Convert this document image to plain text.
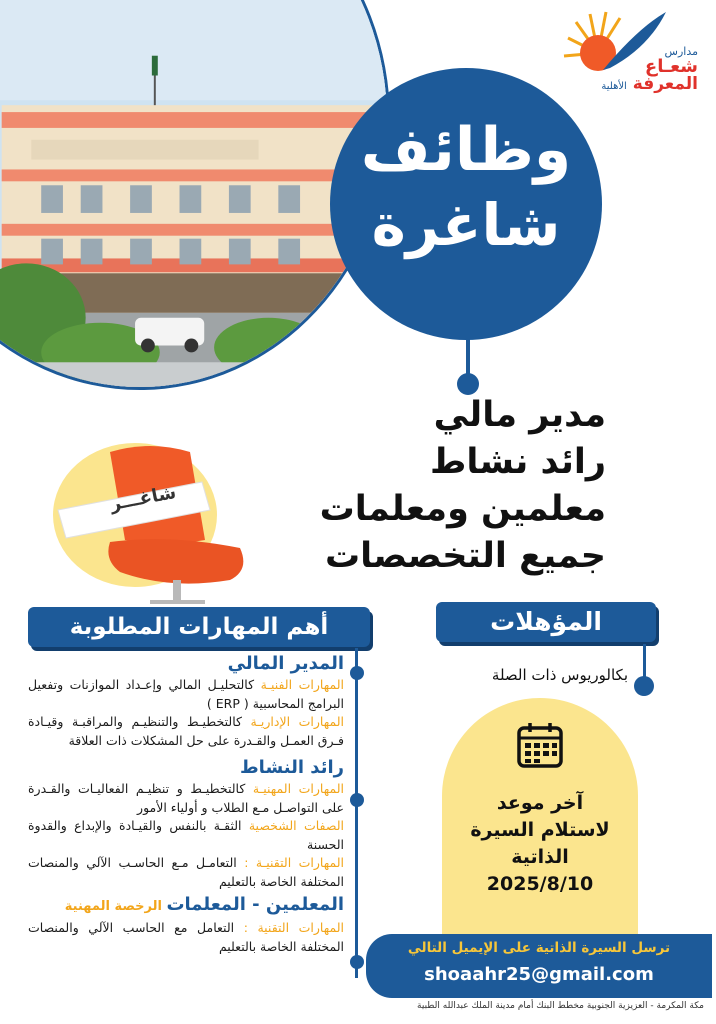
مدارس
شعـاع
المعرفة الأهلية
وظائف
شاغرة
مدير مالي
رائد نشاط
معلمين ومعلمات
جميع التخصصات
شاغـــر
المؤهلات
بكالوريوس ذات الصلة
أهم المهارات المطلوبة
المدير المالي
المهارات الفنيـة كالتحليـل المالي وإعـداد الموازنات وتفعيل البرامج المحاسبية ( ERP )
المهارات الإداريـة كالتخطيـط والتنظيـم والمراقبـة وقيـادة فـرق العمـل والقـدرة على حل المشكلات ذات العلاقة
رائد النشاط
المهارات المهنيـة كالتخطيـط و تنظيـم الفعاليـات والقـدرة على التواصـل مـع الطلاب و أولياء الأمور
الصفات الشخصية الثقـة بالنفس والقيـادة والإبداع والقدوة الحسنة
المهارات التقنيـة : التعامـل مـع الحاسـب الآلي والمنصات المختلفة الخاصة بالتعليم
المعلمين - المعلمات الرخصة المهنية
المهارات التقنية : التعامل مع الحاسب الآلي والمنصات المختلفة الخاصة بالتعليم
آخر موعد
لاستلام السيرة
الذاتية
2025/8/10
ترسل السيرة الذاتية على الإيميل التالي
shoaahr25@gmail.com
مكة المكرمة - العزيزية الجنوبية مخطط البنك أمام مدينة الملك عبدالله الطبية
